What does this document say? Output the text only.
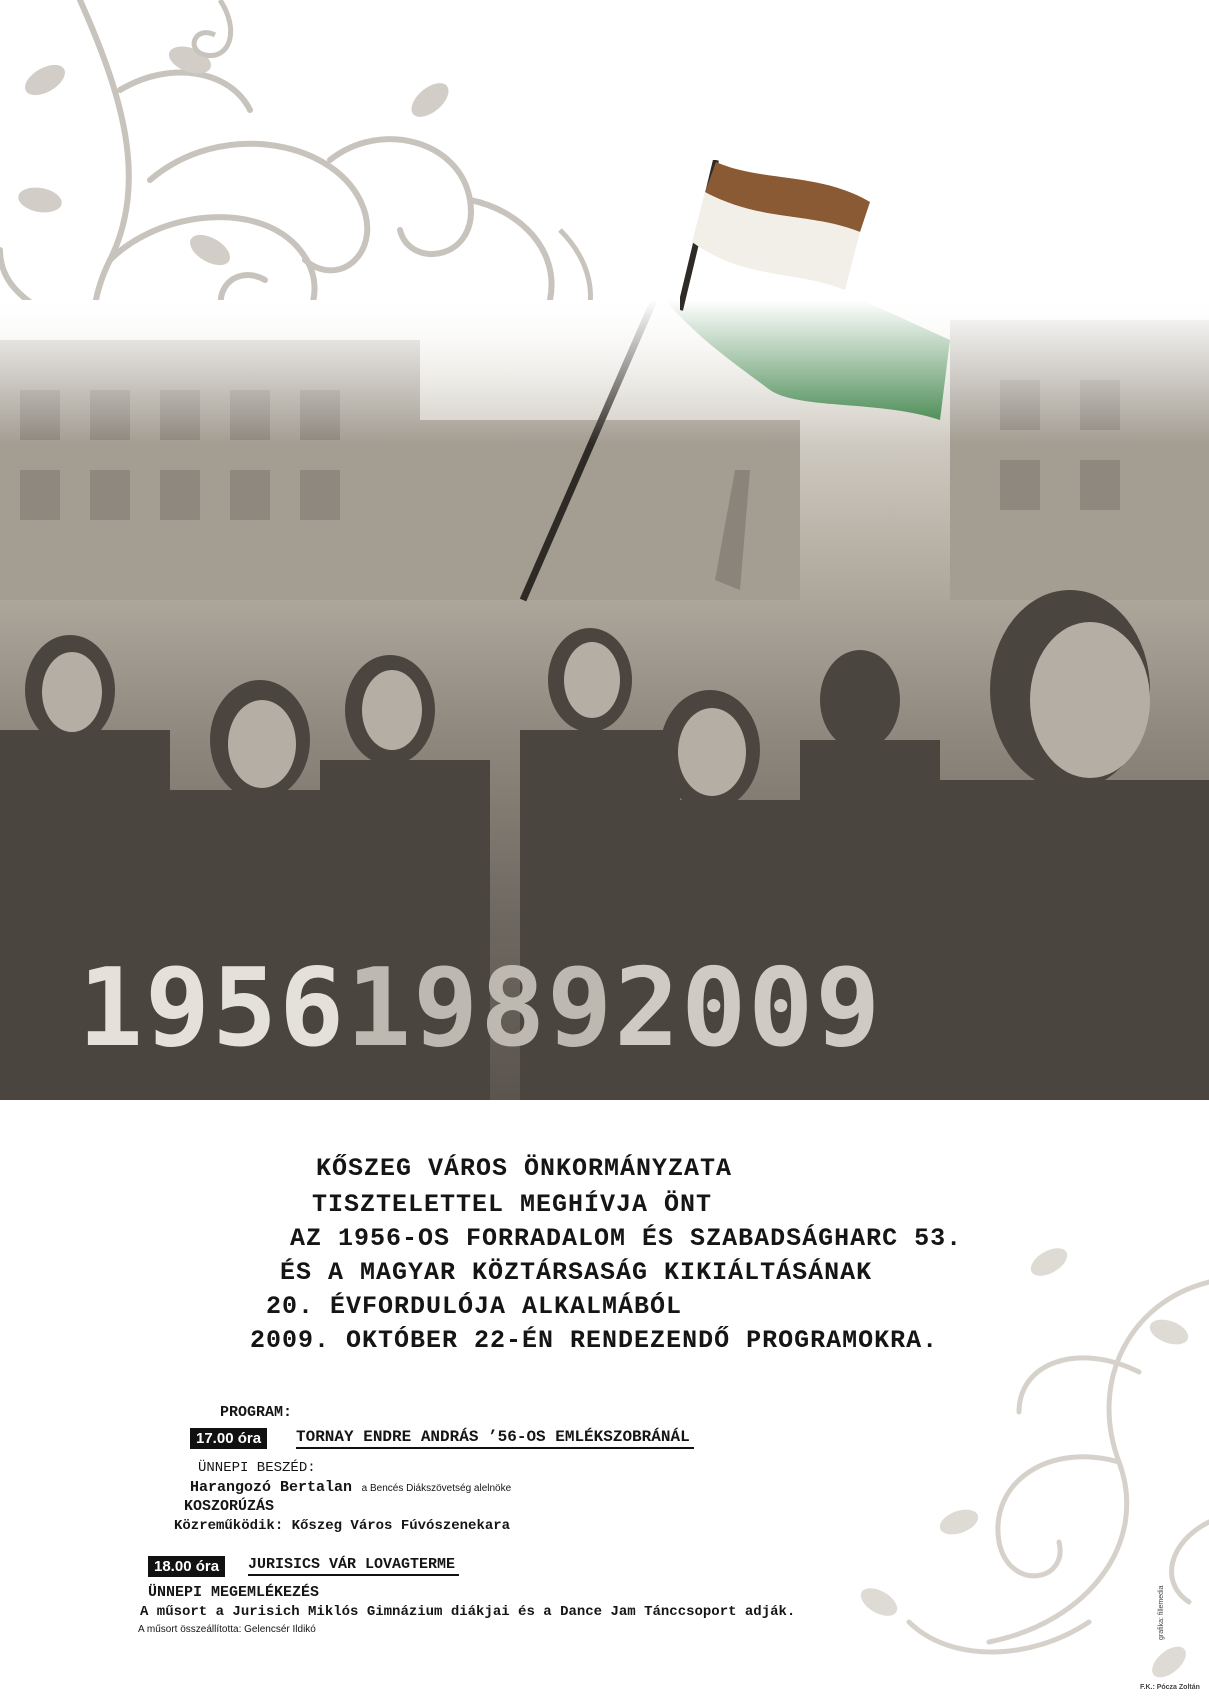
195619892009
KŐSZEG VÁROS ÖNKORMÁNYZATA
TISZTELETTEL MEGHÍVJA ÖNT
AZ 1956-OS FORRADALOM ÉS SZABADSÁGHARC 53.
ÉS A MAGYAR KÖZTÁRSASÁG KIKIÁLTÁSÁNAK
20. ÉVFORDULÓJA ALKALMÁBÓL
2009. OKTÓBER 22-ÉN RENDEZENDŐ PROGRAMOKRA.
PROGRAM:
17.00 óra	TORNAY ENDRE ANDRÁS ’56-OS EMLÉKSZOBRÁNÁL
ÜNNEPI BESZÉD:
Harangozó Bertalan a Bencés Diákszövetség alelnöke
KOSZORÚZÁS
Közreműködik: Kőszeg Város Fúvószenekara
18.00 óra	JURISICS VÁR LOVAGTERME
ÜNNEPI MEGEMLÉKEZÉS
A műsort a Jurisich Miklós Gimnázium diákjai és a Dance Jam Tánccsoport adják.
A műsort összeállította: Gelencsér Ildikó	grafika: fillemedia
F.K.: Pócza Zoltán
